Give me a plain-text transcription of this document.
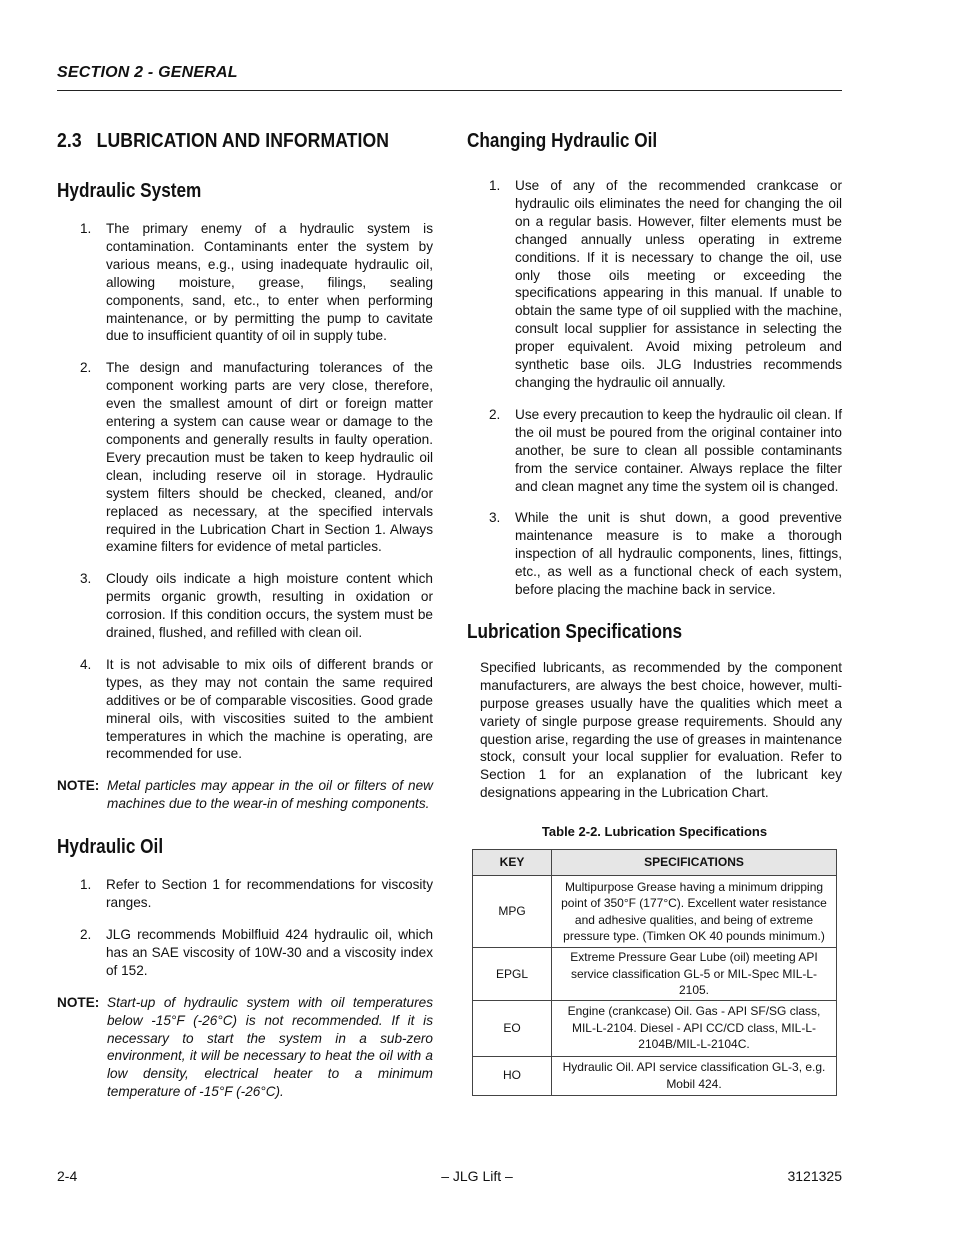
SECTION 2 - GENERAL
2.3   LUBRICATION AND INFORMATION
Hydraulic System
1. The primary enemy of a hydraulic system is contamination. Contaminants enter the system by various means, e.g., using inadequate hydraulic oil, allowing moisture, grease, filings, sealing components, sand, etc., to enter when performing maintenance, or by permitting the pump to cavitate due to insufficient quantity of oil in supply tube.
2. The design and manufacturing tolerances of the component working parts are very close, therefore, even the smallest amount of dirt or foreign matter entering a system can cause wear or damage to the components and generally results in faulty operation. Every precaution must be taken to keep hydraulic oil clean, including reserve oil in storage. Hydraulic system filters should be checked, cleaned, and/or replaced as necessary, at the specified intervals required in the Lubrication Chart in Section 1. Always examine filters for evidence of metal particles.
3. Cloudy oils indicate a high moisture content which permits organic growth, resulting in oxidation or corrosion. If this condition occurs, the system must be drained, flushed, and refilled with clean oil.
4. It is not advisable to mix oils of different brands or types, as they may not contain the same required additives or be of comparable viscosities. Good grade mineral oils, with viscosities suited to the ambient temperatures in which the machine is operating, are recommended for use.

NOTE: Metal particles may appear in the oil or filters of new machines due to the wear-in of meshing components.

Hydraulic Oil
1. Refer to Section 1 for recommendations for viscosity ranges.
2. JLG recommends Mobilfluid 424 hydraulic oil, which has an SAE viscosity of 10W-30 and a viscosity index of 152.

NOTE: Start-up of hydraulic system with oil temperatures below -15°F (-26°C) is not recommended. If it is necessary to start the system in a sub-zero environment, it will be necessary to heat the oil with a low density, electrical heater to a minimum temperature of -15°F (-26°C).

Changing Hydraulic Oil
1. Use of any of the recommended crankcase or hydraulic oils eliminates the need for changing the oil on a regular basis. However, filter elements must be changed annually unless operating in extreme conditions. If it is necessary to change the oil, use only those oils meeting or exceeding the specifications appearing in this manual. If unable to obtain the same type of oil supplied with the machine, consult local supplier for assistance in selecting the proper equivalent. Avoid mixing petroleum and synthetic base oils. JLG Industries recommends changing the hydraulic oil annually.
2. Use every precaution to keep the hydraulic oil clean. If the oil must be poured from the original container into another, be sure to clean all possible contaminants from the service container. Always replace the filter and clean magnet any time the system oil is changed.
3. While the unit is shut down, a good preventive maintenance measure is to make a thorough inspection of all hydraulic components, lines, fittings, etc., as well as a functional check of each system, before placing the machine back in service.
Lubrication Specifications

Specified lubricants, as recommended by the component manufacturers, are always the best choice, however, multi-purpose greases usually have the qualities which meet a variety of single purpose grease requirements. Should any question arise, regarding the use of greases in maintenance stock, consult your local supplier for evaluation. Refer to Section 1 for an explanation of the lubricant key designations appearing in the Lubrication Chart.

Table 2-2. Lubrication Specifications
KEY	SPECIFICATIONS
MPG	Multipurpose Grease having a minimum dripping point of 350°F (177°C). Excellent water resistance and adhesive qualities, and being of extreme pressure type. (Timken OK 40 pounds minimum.)
EPGL	Extreme Pressure Gear Lube (oil) meeting API service classification GL-5 or MIL-Spec MIL-L-2105.
EO	Engine (crankcase) Oil. Gas - API SF/SG class, MIL-L-2104. Diesel - API CC/CD class, MIL-L-2104B/MIL-L-2104C.
HO	Hydraulic Oil. API service classification GL-3, e.g. Mobil 424.
2-4	– JLG Lift –	3121325
